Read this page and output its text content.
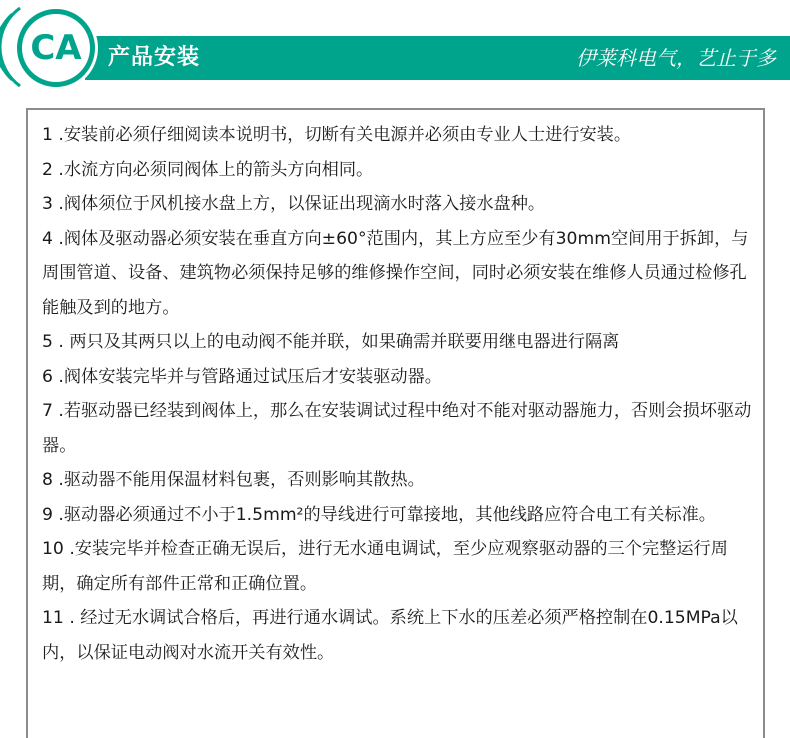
CA	产品安装	伊莱科电气，艺止于多

1 .安装前必须仔细阅读本说明书，切断有关电源并必须由专业人士进行安装。

2 .水流方向必须同阀体上的箭头方向相同。

3 .阀体须位于风机接水盘上方，以保证出现滴水时落入接水盘种。

4 .阀体及驱动器必须安装在垂直方向±60°范围内，其上方应至少有30mm空间用于拆卸，与周围管道、设备、建筑物必须保持足够的维修操作空间，同时必须安装在维修人员通过检修孔能触及到的地方。

5 . 两只及其两只以上的电动阀不能并联，如果确需并联要用继电器进行隔离

6 .阀体安装完毕并与管路通过试压后才安装驱动器。

7 .若驱动器已经装到阀体上，那么在安装调试过程中绝对不能对驱动器施力，否则会损坏驱动器。

8 .驱动器不能用保温材料包裹，否则影响其散热。

9 .驱动器必须通过不小于1.5mm²的导线进行可靠接地，其他线路应符合电工有关标准。

10 .安装完毕并检查正确无误后，进行无水通电调试，至少应观察驱动器的三个完整运行周期，确定所有部件正常和正确位置。

11 . 经过无水调试合格后，再进行通水调试。系统上下水的压差必须严格控制在0.15MPa以内，以保证电动阀对水流开关有效性。
